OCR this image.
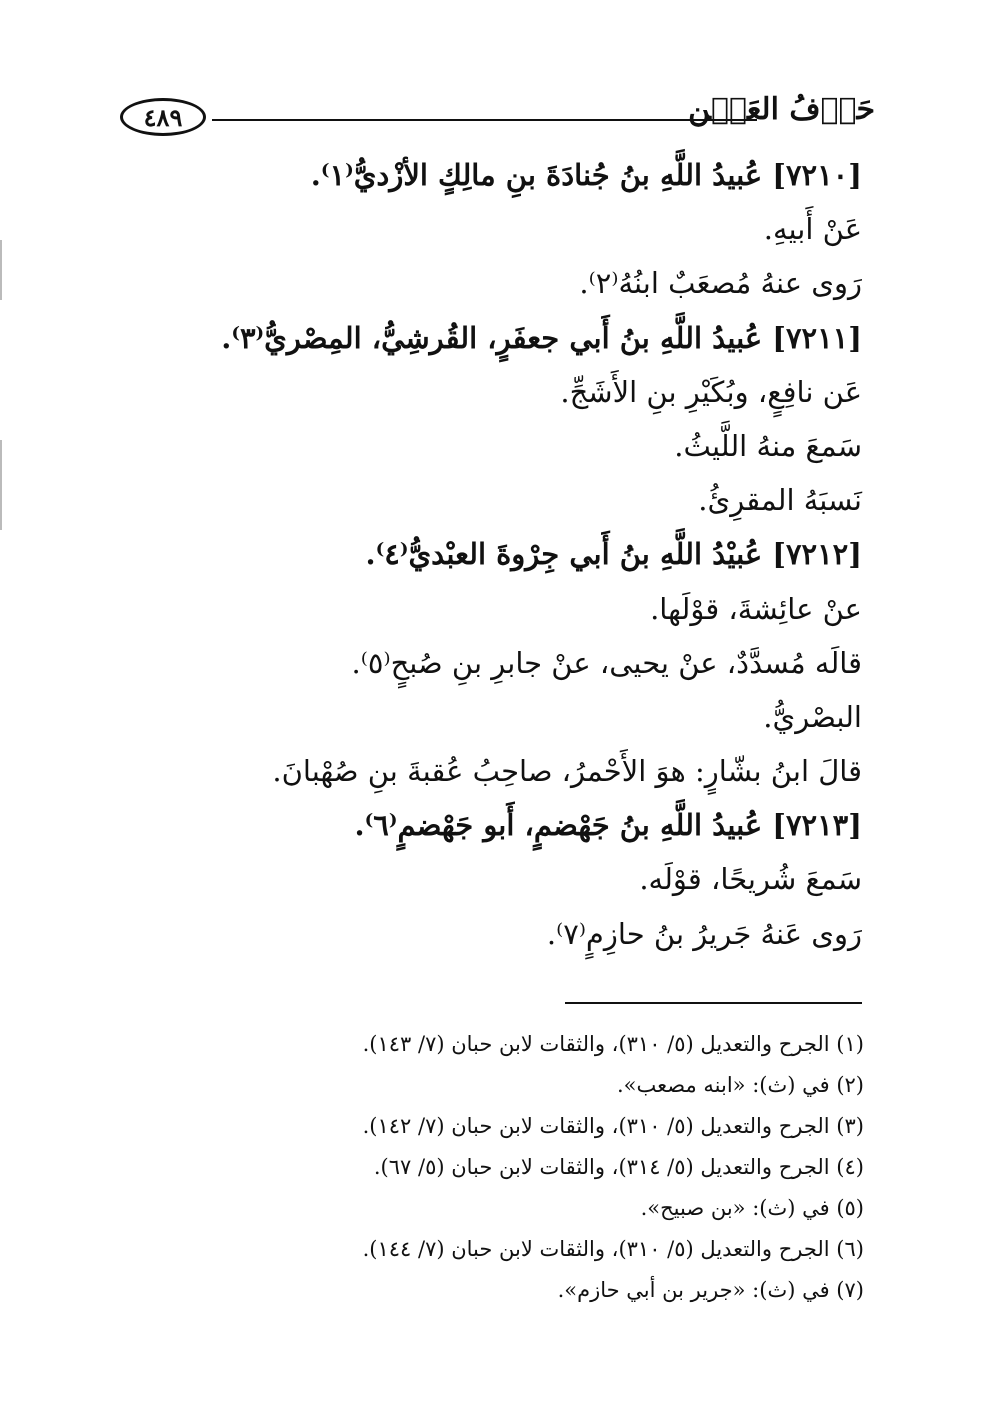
٤٨٩	حَرۡفُ العَيۡن
[٧٢١٠] عُبيدُ اللَّهِ بنُ جُنادَةَ بنِ مالِكٍ الأزْديُّ⁽١⁾.
عَنْ أَبيهِ.
رَوى عنهُ مُصعَبٌ ابنُهُ⁽٢⁾.
[٧٢١١] عُبيدُ اللَّهِ بنُ أَبي جعفَرٍ، القُرشِيُّ، المِصْريُّ⁽٣⁾.
عَن نافِعٍ، وبُكَيْرِ بنِ الأَشَجِّ.
سَمعَ منهُ اللَّيثُ.
نَسبَهُ المقرِئُ.
[٧٢١٢] عُبيْدُ اللَّهِ بنُ أَبي جِرْوةَ العبْديُّ⁽٤⁾.
عنْ عائِشةَ، قوْلَها.
قالَه مُسدَّدٌ، عنْ يحيى، عنْ جابرِ بنِ صُبحٍ⁽٥⁾.
البصْريُّ.
قالَ ابنُ بشّارٍ: هوَ الأَحْمرُ، صاحِبُ عُقبةَ بنِ صُهْبانَ.
[٧٢١٣] عُبيدُ اللَّهِ بنُ جَهْضمٍ، أَبو جَهْضمٍ⁽٦⁾.
سَمعَ شُريحًا، قوْلَه.
رَوى عَنهُ جَريرُ بنُ حازِمٍ⁽٧⁾.
(١) الجرح والتعديل (٥/ ٣١٠)، والثقات لابن حبان (٧/ ١٤٣).
(٢) في (ث): «ابنه مصعب».
(٣) الجرح والتعديل (٥/ ٣١٠)، والثقات لابن حبان (٧/ ١٤٢).
(٤) الجرح والتعديل (٥/ ٣١٤)، والثقات لابن حبان (٥/ ٦٧).
(٥) في (ث): «بن صبيح».
(٦) الجرح والتعديل (٥/ ٣١٠)، والثقات لابن حبان (٧/ ١٤٤).
(٧) في (ث): «جرير بن أبي حازم».
